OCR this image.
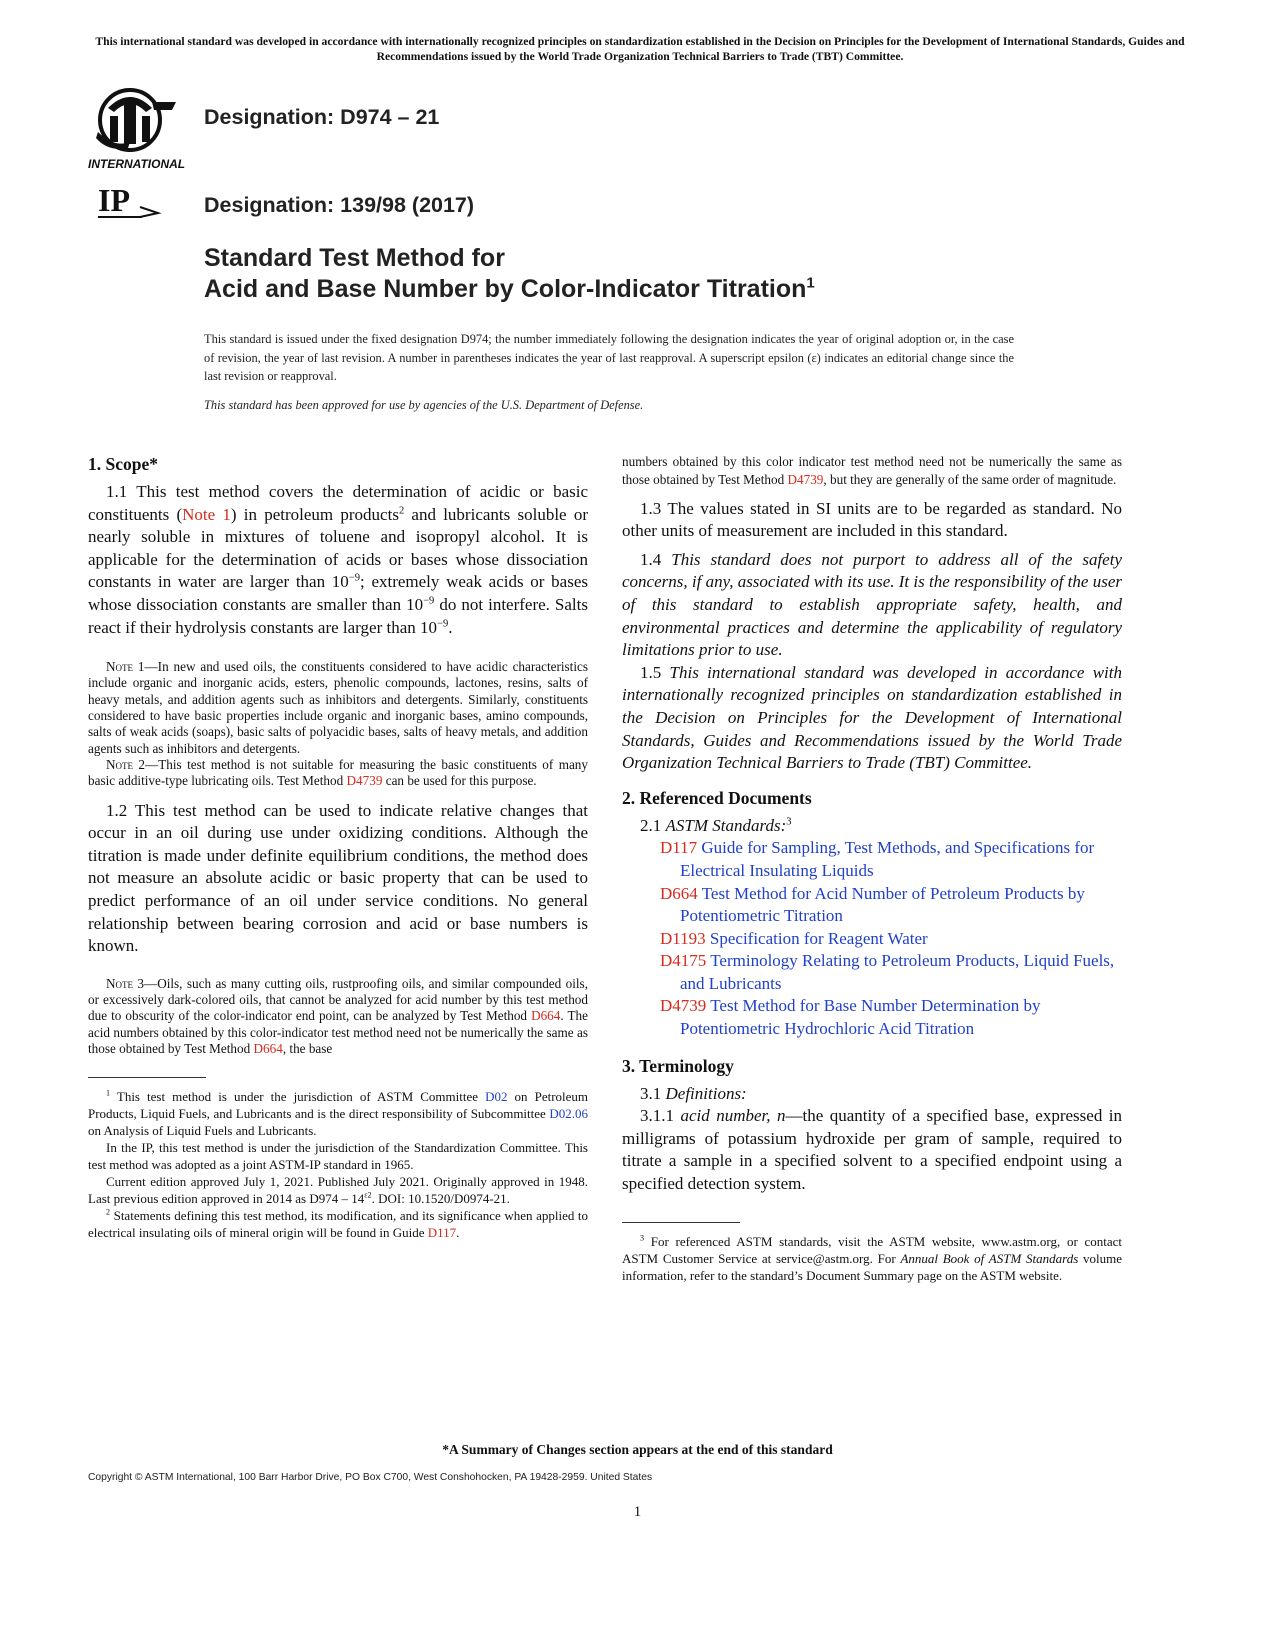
This international standard was developed in accordance with internationally recognized principles on standardization established in the Decision on Principles for the Development of International Standards, Guides and Recommendations issued by the World Trade Organization Technical Barriers to Trade (TBT) Committee.
INTERNATIONAL
IP
Designation: D974 – 21
Designation: 139/98 (2017)
Standard Test Method for
Acid and Base Number by Color-Indicator Titration$^1$
This standard is issued under the fixed designation D974; the number immediately following the designation indicates the year of original adoption or, in the case of revision, the year of last revision. A number in parentheses indicates the year of last reapproval. A superscript epsilon (ε) indicates an editorial change since the last revision or reapproval.
This standard has been approved for use by agencies of the U.S. Department of Defense.
1. Scope*

1.1 This test method covers the determination of acidic or basic constituents (Note 1) in petroleum products$^2$ and lubricants soluble or nearly soluble in mixtures of toluene and isopropyl alcohol. It is applicable for the determination of acids or bases whose dissociation constants in water are larger than $10^{-9}$; extremely weak acids or bases whose dissociation constants are smaller than $10^{-9}$ do not interfere. Salts react if their hydrolysis constants are larger than $10^{-9}$.

Note 1—In new and used oils, the constituents considered to have acidic characteristics include organic and inorganic acids, esters, phenolic compounds, lactones, resins, salts of heavy metals, and addition agents such as inhibitors and detergents. Similarly, constituents considered to have basic properties include organic and inorganic bases, amino compounds, salts of weak acids (soaps), basic salts of polyacidic bases, salts of heavy metals, and addition agents such as inhibitors and detergents.

Note 2—This test method is not suitable for measuring the basic constituents of many basic additive-type lubricating oils. Test Method D4739 can be used for this purpose.

1.2 This test method can be used to indicate relative changes that occur in an oil during use under oxidizing conditions. Although the titration is made under definite equilibrium conditions, the method does not measure an absolute acidic or basic property that can be used to predict performance of an oil under service conditions. No general relationship between bearing corrosion and acid or base numbers is known.

Note 3—Oils, such as many cutting oils, rustproofing oils, and similar compounded oils, or excessively dark-colored oils, that cannot be analyzed for acid number by this test method due to obscurity of the color-indicator end point, can be analyzed by Test Method D664. The acid numbers obtained by this color-indicator test method need not be numerically the same as those obtained by Test Method D664, the base

$^1$ This test method is under the jurisdiction of ASTM Committee D02 on Petroleum Products, Liquid Fuels, and Lubricants and is the direct responsibility of Subcommittee D02.06 on Analysis of Liquid Fuels and Lubricants.

In the IP, this test method is under the jurisdiction of the Standardization Committee. This test method was adopted as a joint ASTM-IP standard in 1965.

Current edition approved July 1, 2021. Published July 2021. Originally approved in 1948. Last previous edition approved in 2014 as $D974 - 14^{\varepsilon 2}$. DOI: 10.1520/D0974-21.

$^2$ Statements defining this test method, its modification, and its significance when applied to electrical insulating oils of mineral origin will be found in Guide D117.

numbers obtained by this color indicator test method need not be numerically the same as those obtained by Test Method D4739, but they are generally of the same order of magnitude.

1.3 The values stated in SI units are to be regarded as standard. No other units of measurement are included in this standard.

1.4 This standard does not purport to address all of the safety concerns, if any, associated with its use. It is the responsibility of the user of this standard to establish appropriate safety, health, and environmental practices and determine the applicability of regulatory limitations prior to use.

1.5 This international standard was developed in accordance with internationally recognized principles on standardization established in the Decision on Principles for the Development of International Standards, Guides and Recommendations issued by the World Trade Organization Technical Barriers to Trade (TBT) Committee.

2. Referenced Documents

2.1 ASTM Standards:$^3$

D117 Guide for Sampling, Test Methods, and Specifications for Electrical Insulating Liquids

D664 Test Method for Acid Number of Petroleum Products by Potentiometric Titration

D1193 Specification for Reagent Water

D4175 Terminology Relating to Petroleum Products, Liquid Fuels, and Lubricants

D4739 Test Method for Base Number Determination by Potentiometric Hydrochloric Acid Titration

3. Terminology

3.1 Definitions:

3.1.1 acid number, n—the quantity of a specified base, expressed in milligrams of potassium hydroxide per gram of sample, required to titrate a sample in a specified solvent to a specified endpoint using a specified detection system.

$^3$ For referenced ASTM standards, visit the ASTM website, www.astm.org, or contact ASTM Customer Service at service@astm.org. For Annual Book of ASTM Standards volume information, refer to the standard’s Document Summary page on the ASTM website.

*A Summary of Changes section appears at the end of this standard
Copyright © ASTM International, 100 Barr Harbor Drive, PO Box C700, West Conshohocken, PA 19428-2959. United States
1
